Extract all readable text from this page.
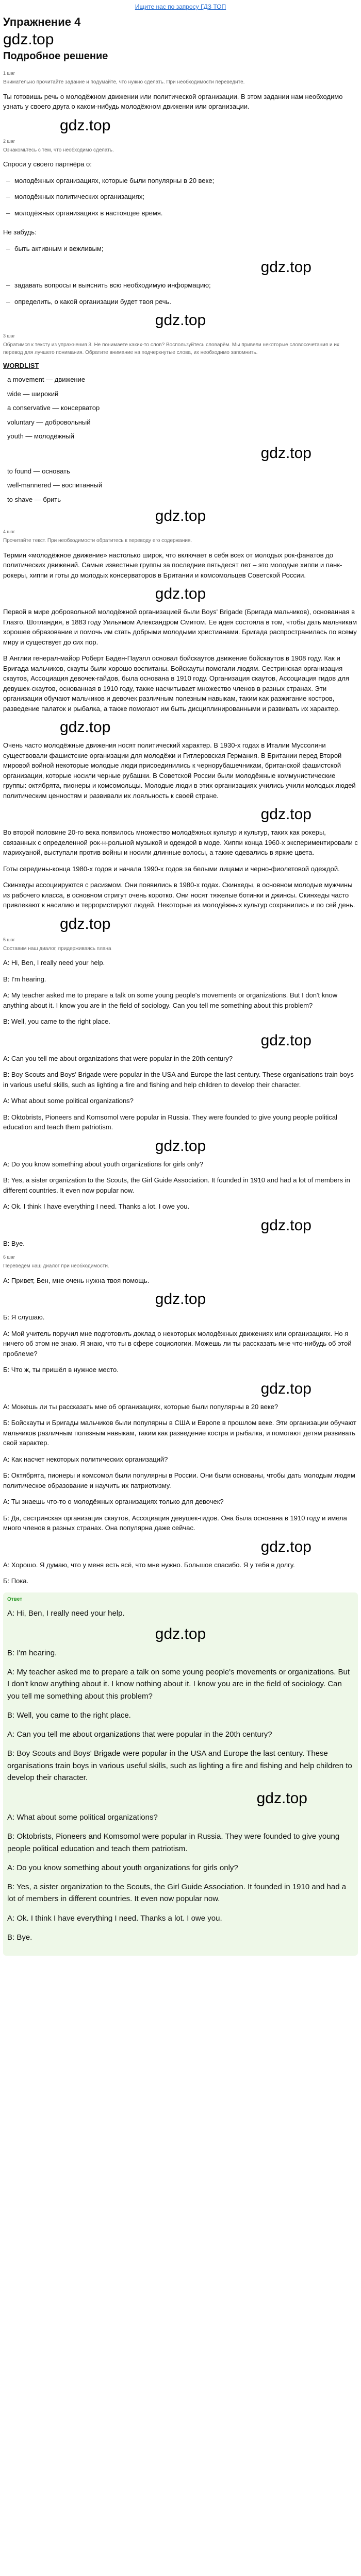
Ищите нас по запросу ГДЗ ТОП
Упражнение 4
gdz.top
Подробное решение
1 шаг
Внимательно прочитайте задание и подумайте, что нужно сделать. При необходимости переведите.
Ты готовишь речь о молодёжном движении или политической организации. В этом задании нам необходимо узнать у своего друга о каком-нибудь молодёжном движении или организации.
gdz.top
2 шаг
Ознакомьтесь с тем, что необходимо сделать.
Спроси у своего партнёра о:
– молодёжных организациях, которые были популярны в 20 веке;
– молодёжных политических организациях;
– молодёжных организациях в настоящее время.
Не забудь:
– быть активным и вежливым;
gdz.top
– задавать вопросы и выяснить всю необходимую информацию;
– определить, о какой организации будет твоя речь.
gdz.top
3 шаг
Обратимся к тексту из упражнения 3. Не понимаете каких-то слов? Воспользуйтесь словарём. Мы привели некоторые словосочетания и их перевод для лучшего понимания. Обратите внимание на подчеркнутые слова, их необходимо запомнить.
WORDLIST
a movement — движение
wide — широкий
a conservative — консерватор
voluntary — добровольный
youth — молодёжный
gdz.top
to found — основать
well-mannered — воспитанный
to shave — брить
gdz.top
4 шаг
Прочитайте текст. При необходимости обратитесь к переводу его содержания.
Термин «молодёжное движение» настолько широк, что включает в себя всех от молодых рок-фанатов до политических движений. Самые известные группы за последние пятьдесят лет – это молодые хиппи и панк-рокеры, хиппи и готы до молодых консерваторов в Британии и комсомольцев Советской России.
gdz.top
Первой в мире добровольной молодёжной организацией были Boys' Brigade (Бригада мальчиков), основанная в Глазго, Шотландия, в 1883 году Уильямом Александром Смитом. Ее идея состояла в том, чтобы дать мальчикам хорошее образование и помочь им стать добрыми молодыми христианами. Бригада распространилась по всему миру и существует до сих пор.
В Англии генерал-майор Роберт Баден-Пауэлл основал бойскаутов движение бойскаутов в 1908 году. Как и Бригада мальчиков, скауты были хорошо воспитаны. Бойскауты помогали людям. Сестринская организация скаутов, Ассоциация девочек-гайдов, была основана в 1910 году. Организация скаутов, Ассоциация гидов для девушек-скаутов, основанная в 1910 году, также насчитывает множество членов в разных странах. Эти организации обучают мальчиков и девочек различным полезным навыкам, таким как разжигание костров, разведение палаток и рыбалка, а также помогают им быть дисциплинированными и развивать их характер.
gdz.top
Очень часто молодёжные движения носят политический характер. В 1930-х годах в Италии Муссолини существовали фашистские организации для молодёжи и Гитлеровская Германия. В Британии перед Второй мировой войной некоторые молодые люди присоединились к чернорубашечникам, британской фашистской организации, которые носили черные рубашки. В Советской России были молодёжные коммунистические группы: октябрята, пионеры и комсомольцы. Молодые люди в этих организациях учились учили молодых людей политическим ценностям и развивали их лояльность к своей стране.
gdz.top
Во второй половине 20-го века появилось множество молодёжных культур и культур, таких как рокеры, связанных с определенной рок-н-рольной музыкой и одеждой в моде. Хиппи конца 1960-х экспериментировали с марихуаной, выступали против войны и носили длинные волосы, а также одевались в яркие цвета.
Готы середины-конца 1980-х годов и начала 1990-х годов за белыми лицами и черно-фиолетовой одеждой.
Скинхеды ассоциируются с расизмом. Они появились в 1980-х годах. Скинхеды, в основном молодые мужчины из рабочего класса, в основном стригут очень коротко. Они носят тяжелые ботинки и джинсы. Скинхеды часто привлекают к насилию и террористируют людей. Некоторые из молодёжных культур сохранились и по сей день.
gdz.top
5 шаг
Составим наш диалог, придерживаясь плана
A: Hi, Ben, I really need your help.
B: I'm hearing.
A: My teacher asked me to prepare a talk on some young people's movements or organizations. But I don't know anything about it. I know you are in the field of sociology. Can you tell me something about this problem?
B: Well, you came to the right place.
gdz.top
A: Can you tell me about organizations that were popular in the 20th century?
B: Boy Scouts and Boys' Brigade were popular in the USA and Europe the last century. These organisations train boys in various useful skills, such as lighting a fire and fishing and help children to develop their character.
A: What about some political organizations?
B: Oktobrists, Pioneers and Komsomol were popular in Russia. They were founded to give young people political education and teach them patriotism.
gdz.top
A: Do you know something about youth organizations for girls only?
B: Yes, a sister organization to the Scouts, the Girl Guide Association. It founded in 1910 and had a lot of members in different countries. It even now popular now.
A: Ok. I think I have everything I need. Thanks a lot. I owe you.
gdz.top
B: Bye.
6 шаг
Переведем наш диалог при необходимости.
А: Привет, Бен, мне очень нужна твоя помощь.
gdz.top
Б: Я слушаю.
А: Мой учитель поручил мне подготовить доклад о некоторых молодёжных движениях или организациях. Но я ничего об этом не знаю. Я знаю, что ты в сфере социологии. Можешь ли ты рассказать мне что-нибудь об этой проблеме?
Б: Что ж, ты пришёл в нужное место.
gdz.top
А: Можешь ли ты рассказать мне об организациях, которые были популярны в 20 веке?
Б: Бойскауты и Бригады мальчиков были популярны в США и Европе в прошлом веке. Эти организации обучают мальчиков различным полезным навыкам, таким как разведение костра и рыбалка, и помогают детям развивать свой характер.
А: Как насчет некоторых политических организаций?
Б: Октябрята, пионеры и комсомол были популярны в России. Они были основаны, чтобы дать молодым людям политическое образование и научить их патриотизму.
А: Ты знаешь что-то о молодёжных организациях только для девочек?
Б: Да, сестринская организация скаутов, Ассоциация девушек-гидов. Она была основана в 1910 году и имела много членов в разных странах. Она популярна даже сейчас.
gdz.top
А: Хорошо. Я думаю, что у меня есть всё, что мне нужно. Большое спасибо. Я у тебя в долгу.
Б: Пока.
Ответ
A: Hi, Ben, I really need your help.
gdz.top
B: I'm hearing.
A: My teacher asked me to prepare a talk on some young people's movements or organizations. But I don't know anything about it. I know nothing about it. I know you are in the field of sociology. Can you tell me something about this problem?
B: Well, you came to the right place.
A: Can you tell me about organizations that were popular in the 20th century?
B: Boy Scouts and Boys' Brigade were popular in the USA and Europe the last century. These organisations train boys in various useful skills, such as lighting a fire and fishing and help children to develop their character.
gdz.top
A: What about some political organizations?
B: Oktobrists, Pioneers and Komsomol were popular in Russia. They were founded to give young people political education and teach them patriotism.
A: Do you know something about youth organizations for girls only?
B: Yes, a sister organization to the Scouts, the Girl Guide Association. It founded in 1910 and had a lot of members in different countries. It even now popular now.
A: Ok. I think I have everything I need. Thanks a lot. I owe you.
B: Bye.
